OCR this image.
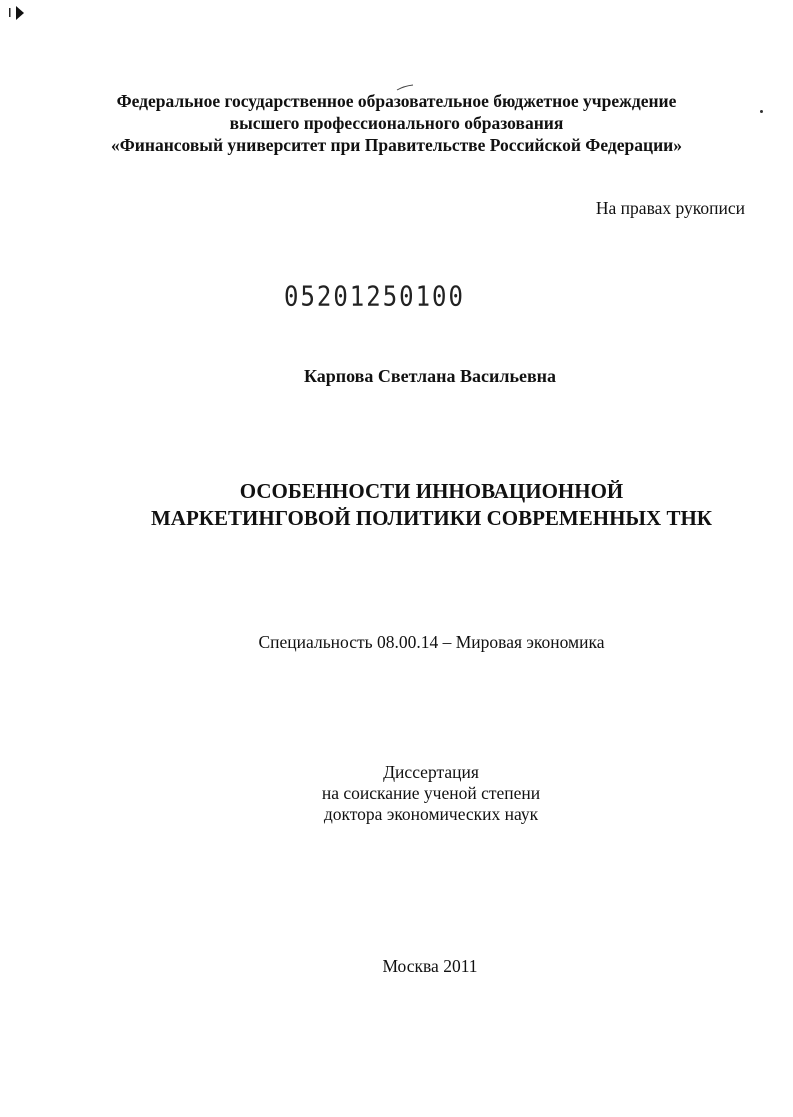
Федеральное государственное образовательное бюджетное учреждение
высшего профессионального образования
«Финансовый университет при Правительстве Российской Федерации»
На правах рукописи
05201250100
Карпова Светлана Васильевна
ОСОБЕННОСТИ ИННОВАЦИОННОЙ
МАРКЕТИНГОВОЙ ПОЛИТИКИ СОВРЕМЕННЫХ ТНК
Специальность 08.00.14 – Мировая экономика
Диссертация
на соискание ученой степени
доктора экономических наук
Москва 2011
